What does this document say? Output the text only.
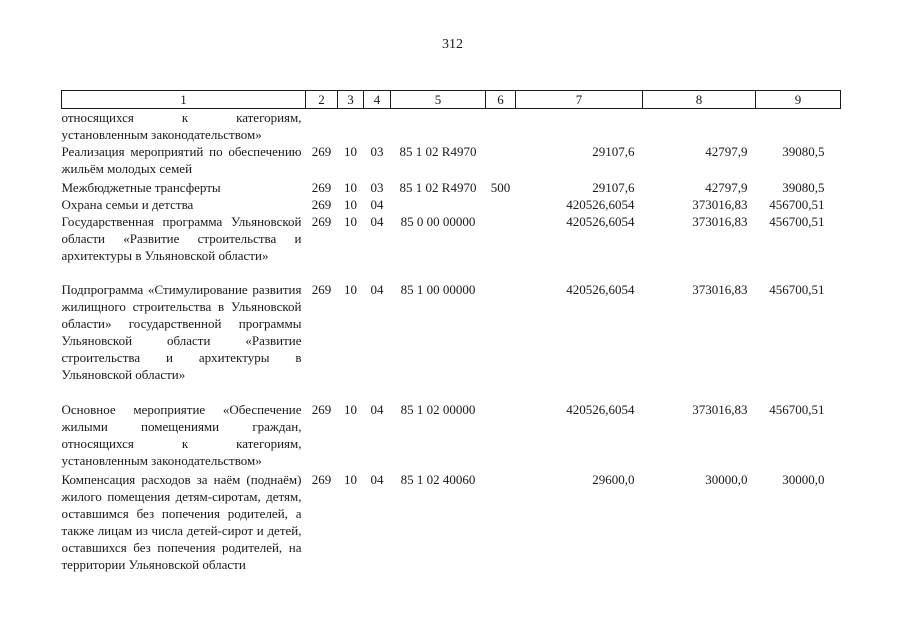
312
1	2	3	4	5	6	7	8	9
относящихся к категориям, установленным законодательством»								
Реализация мероприятий по обеспечению жильём молодых семей	269	10	03	85 1 02 R4970		29107,6	42797,9	39080,5
Межбюджетные трансферты	269	10	03	85 1 02 R4970	500	29107,6	42797,9	39080,5
Охрана семьи и детства	269	10	04			420526,6054	373016,83	456700,51
Государственная программа Ульяновской области «Развитие строительства и архитектуры в Ульяновской области»	269	10	04	85 0 00 00000		420526,6054	373016,83	456700,51
Подпрограмма «Стимулирование развития жилищного строительства в Ульяновской области» государственной программы Ульяновской области «Развитие строительства и архитектуры в Ульяновской области»	269	10	04	85 1 00 00000		420526,6054	373016,83	456700,51
Основное мероприятие «Обеспечение жилыми помещениями граждан, относящихся к категориям, установленным законодательством»	269	10	04	85 1 02 00000		420526,6054	373016,83	456700,51
Компенсация расходов за наём (поднаём) жилого помещения детям-сиротам, детям, оставшимся без попечения родителей, а также лицам из числа детей-сирот и детей, оставшихся без попечения родителей, на территории Ульяновской области	269	10	04	85 1 02 40060		29600,0	30000,0	30000,0
